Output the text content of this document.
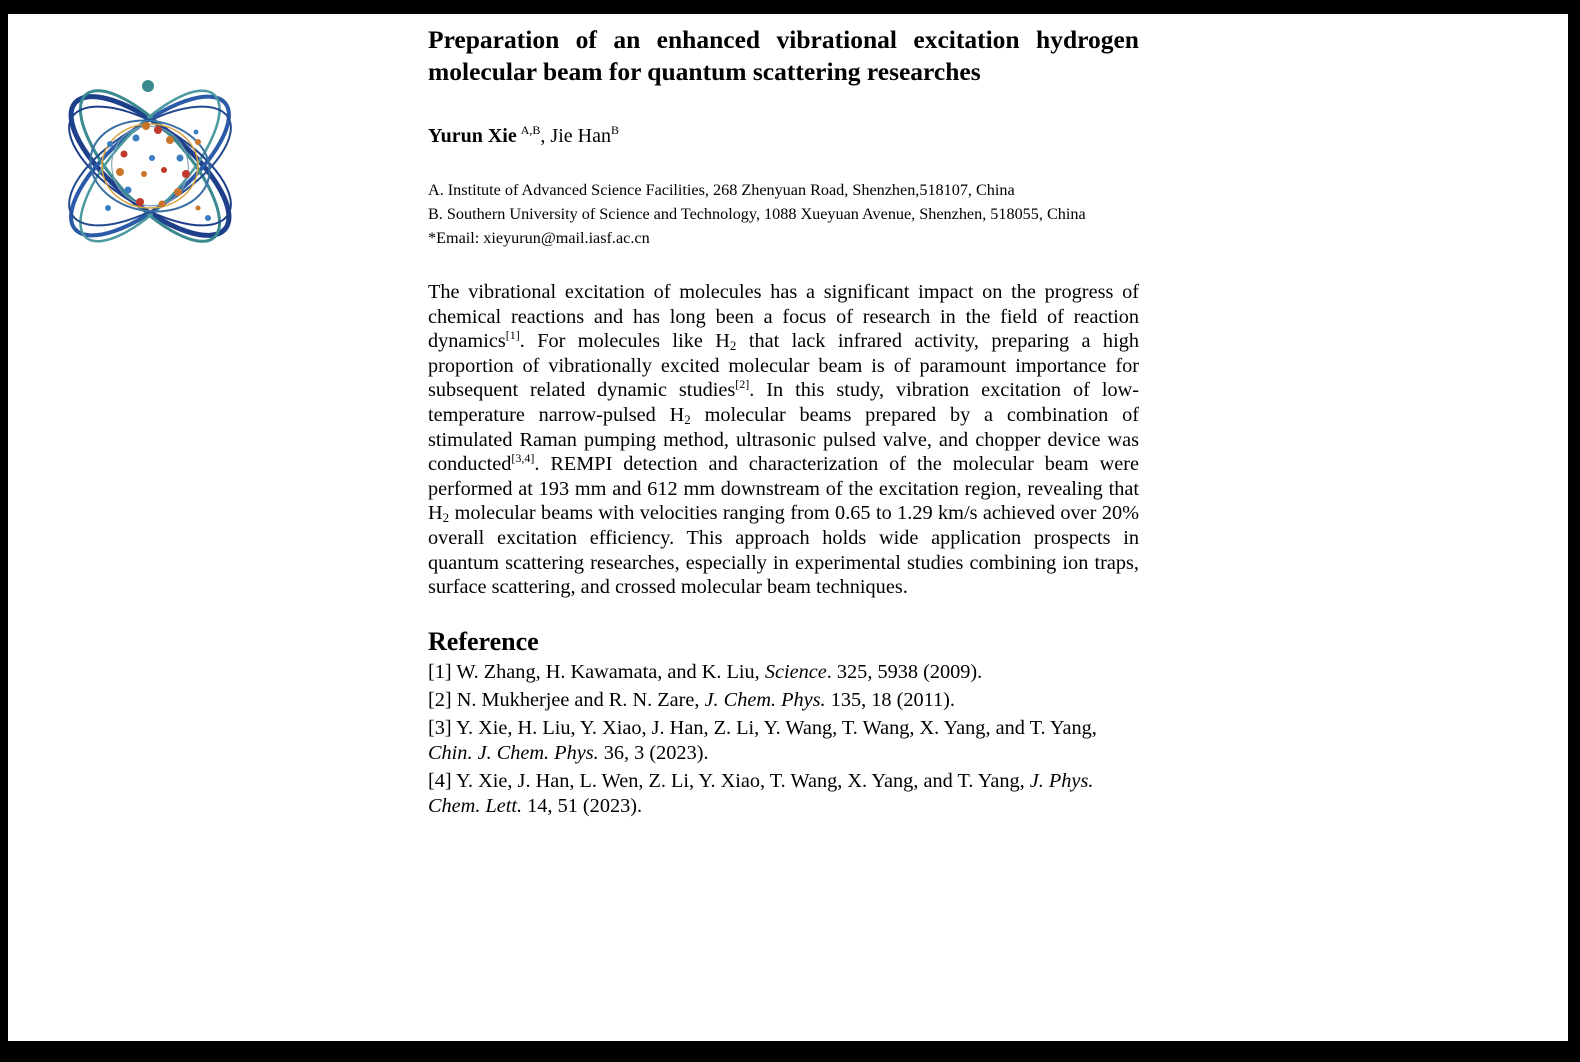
Preparation of an enhanced vibrational excitation hydrogen molecular beam for quantum scattering researches
Yurun Xie $^{A,B}$, Jie Han$^B$
A. Institute of Advanced Science Facilities, 268 Zhenyuan Road, Shenzhen,518107, China
B. Southern University of Science and Technology, 1088 Xueyuan Avenue, Shenzhen, 518055, China
*Email: xieyurun@mail.iasf.ac.cn

The vibrational excitation of molecules has a significant impact on the progress of chemical reactions and has long been a focus of research in the field of reaction dynamics[1]. For molecules like $H_2$ that lack infrared activity, preparing a high proportion of vibrationally excited molecular beam is of paramount importance for subsequent related dynamic studies[2]. In this study, vibration excitation of low-temperature narrow-pulsed $H_2$ molecular beams prepared by a combination of stimulated Raman pumping method, ultrasonic pulsed valve, and chopper device was conducted[3,4]. REMPI detection and characterization of the molecular beam were performed at 193 mm and 612 mm downstream of the excitation region, revealing that $H_2$ molecular beams with velocities ranging from 0.65 to 1.29 km/s achieved over 20% overall excitation efficiency. This approach holds wide application prospects in quantum scattering researches, especially in experimental studies combining ion traps, surface scattering, and crossed molecular beam techniques.

Reference
[1] W. Zhang, H. Kawamata, and K. Liu, Science. 325, 5938 (2009).
[2] N. Mukherjee and R. N. Zare, J. Chem. Phys. 135, 18 (2011).
[3] Y. Xie, H. Liu, Y. Xiao, J. Han, Z. Li, Y. Wang, T. Wang, X. Yang, and T. Yang, Chin. J. Chem. Phys. 36, 3 (2023).
[4] Y. Xie, J. Han, L. Wen, Z. Li, Y. Xiao, T. Wang, X. Yang, and T. Yang, J. Phys. Chem. Lett. 14, 51 (2023).
